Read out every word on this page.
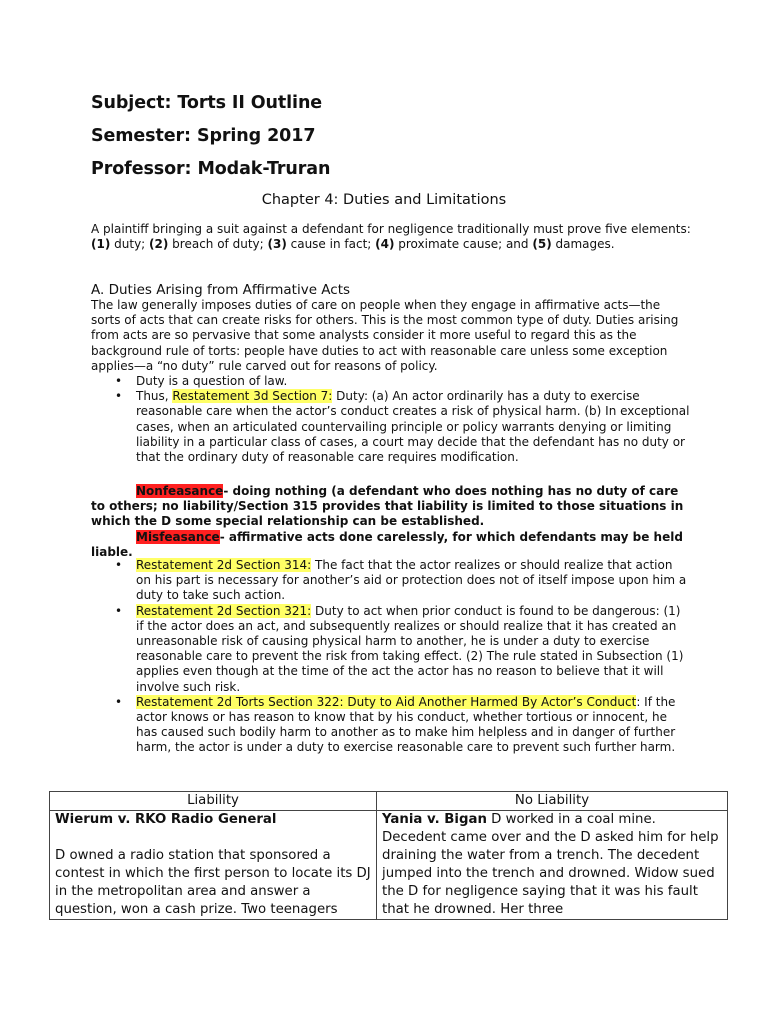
Subject: Torts II Outline
Semester: Spring 2017
Professor: Modak-Truran
Chapter 4: Duties and Limitations
A plaintiff bringing a suit against a defendant for negligence traditionally must prove five elements: (1) duty; (2) breach of duty; (3) cause in fact; (4) proximate cause; and (5) damages.
A. Duties Arising from Affirmative Acts
The law generally imposes duties of care on people when they engage in affirmative acts—the sorts of acts that can create risks for others. This is the most common type of duty. Duties arising from acts are so pervasive that some analysts consider it more useful to regard this as the background rule of torts: people have duties to act with reasonable care unless some exception applies—a “no duty” rule carved out for reasons of policy.
• Duty is a question of law.
• Thus, Restatement 3d Section 7: Duty: (a) An actor ordinarily has a duty to exercise reasonable care when the actor’s conduct creates a risk of physical harm. (b) In exceptional cases, when an articulated countervailing principle or policy warrants denying or limiting liability in a particular class of cases, a court may decide that the defendant has no duty or that the ordinary duty of reasonable care requires modification.
Nonfeasance- doing nothing (a defendant who does nothing has no duty of care to others; no liability/Section 315 provides that liability is limited to those situations in which the D some special relationship can be established.
Misfeasance- affirmative acts done carelessly, for which defendants may be held liable.
• Restatement 2d Section 314: The fact that the actor realizes or should realize that action on his part is necessary for another’s aid or protection does not of itself impose upon him a duty to take such action.
• Restatement 2d Section 321: Duty to act when prior conduct is found to be dangerous: (1) if the actor does an act, and subsequently realizes or should realize that it has created an unreasonable risk of causing physical harm to another, he is under a duty to exercise reasonable care to prevent the risk from taking effect. (2) The rule stated in Subsection (1) applies even though at the time of the act the actor has no reason to believe that it will involve such risk.
• Restatement 2d Torts Section 322: Duty to Aid Another Harmed By Actor’s Conduct: If the actor knows or has reason to know that by his conduct, whether tortious or innocent, he has caused such bodily harm to another as to make him helpless and in danger of further harm, the actor is under a duty to exercise reasonable care to prevent such further harm.
Liability	No Liability

Wierum v. RKO Radio General
D owned a radio station that sponsored a contest in which the first person to locate its DJ in the metropolitan area and answer a question, won a cash prize. Two teenagers	Yania v. Bigan D worked in a coal mine. Decedent came over and the D asked him for help draining the water from a trench. The decedent jumped into the trench and drowned. Widow sued the D for negligence saying that it was his fault that he drowned. Her three
